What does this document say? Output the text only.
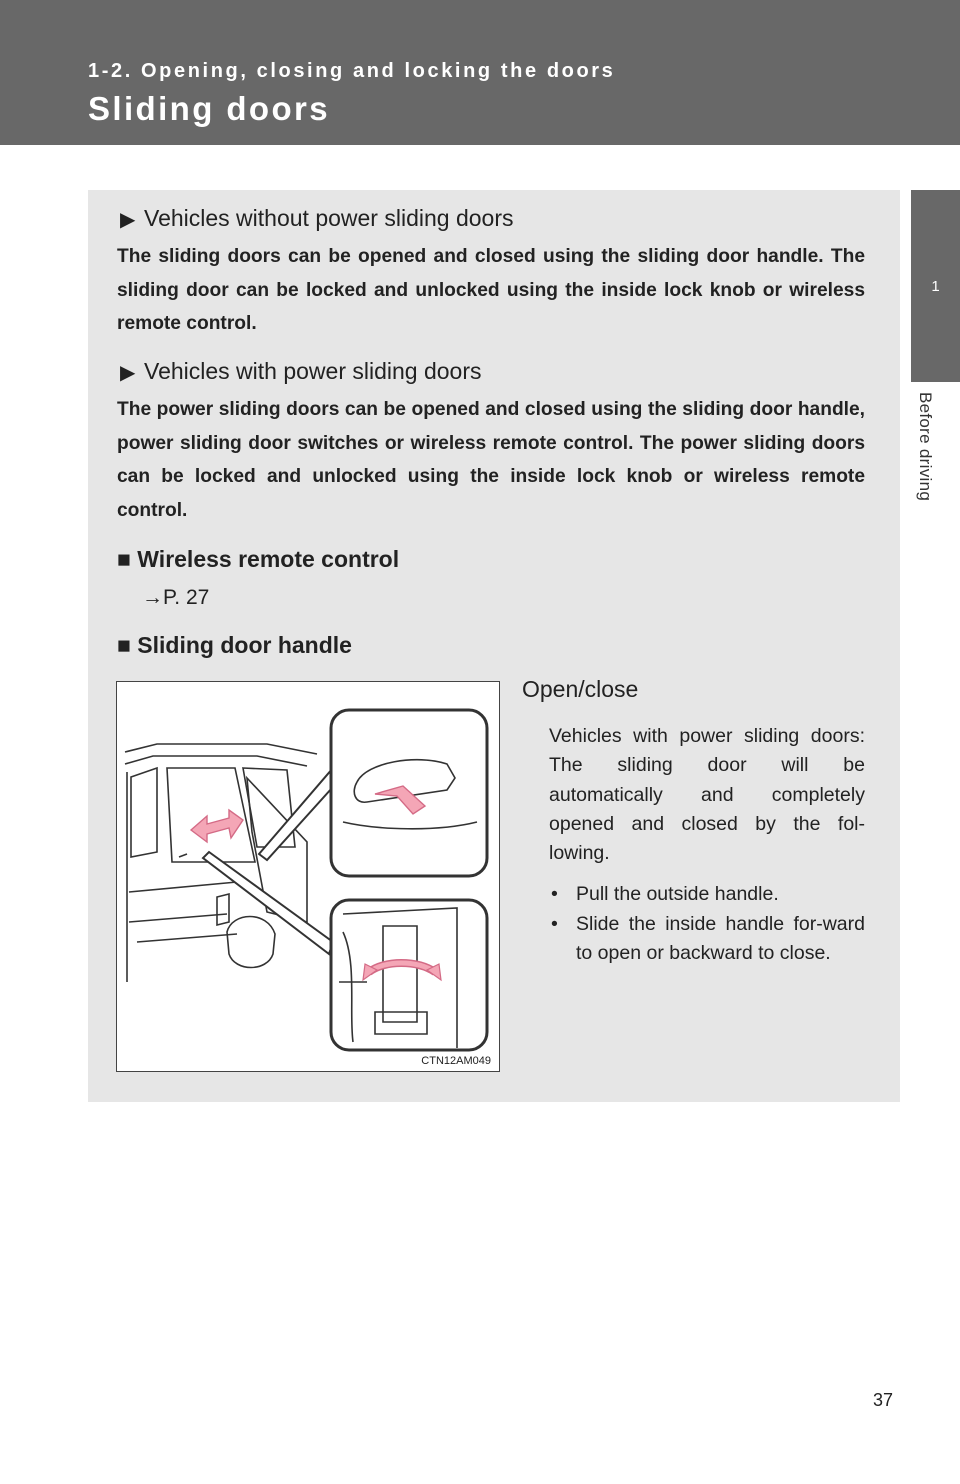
1-2. Opening, closing and locking the doors
Sliding doors
1
Before driving
▶ Vehicles without power sliding doors
The sliding doors can be opened and closed using the sliding door handle. The sliding door can be locked and unlocked using the inside lock knob or wireless remote control.
▶ Vehicles with power sliding doors
The power sliding doors can be opened and closed using the sliding door handle, power sliding door switches or wireless remote control. The power sliding doors can be locked and unlocked using the inside lock knob or wireless remote control.
■ Wireless remote control
→P. 27
■ Sliding door handle
CTN12AM049
Open/close
Vehicles with power sliding doors: The sliding door will be automatically and completely opened and closed by the fol-lowing.
• Pull the outside handle.
• Slide the inside handle for-ward to open or backward to close.
37
